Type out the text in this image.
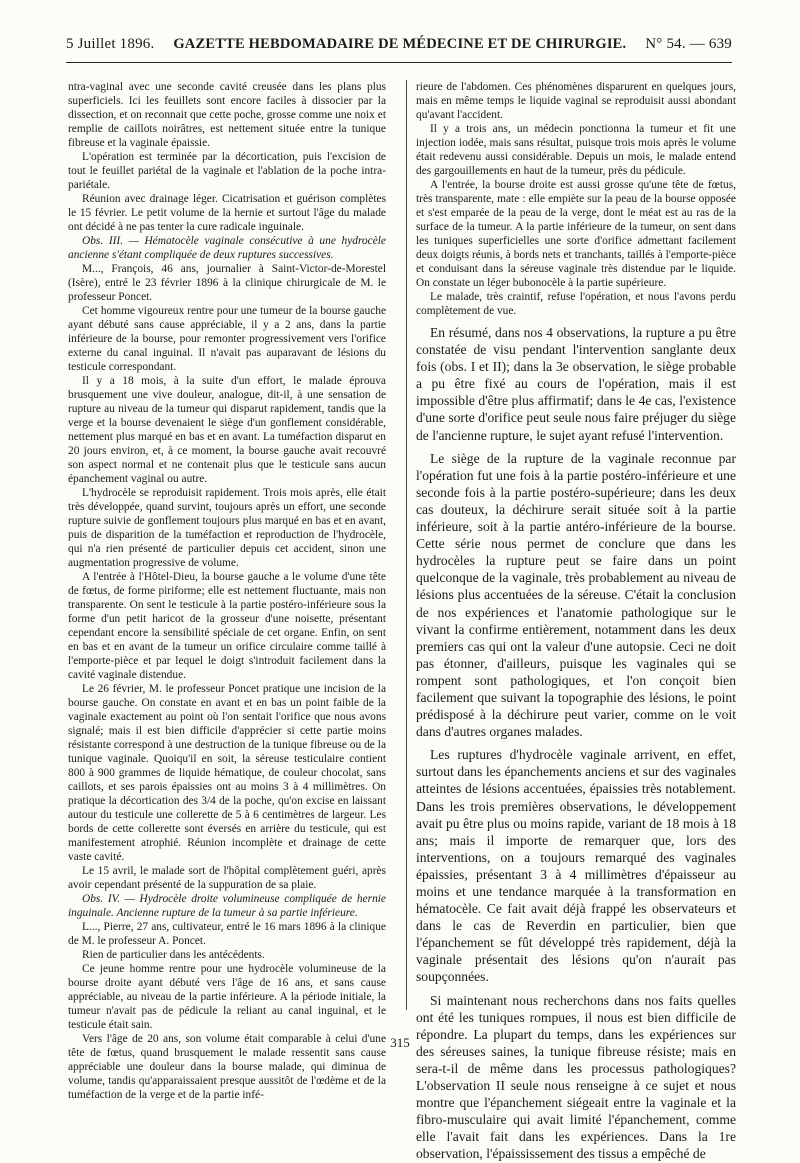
5 Juillet 1896. GAZETTE HEBDOMADAIRE DE MÉDECINE ET DE CHIRURGIE. N° 54. — 639

ntra-vaginal avec une seconde cavité creusée dans les plans plus superficiels. Ici les feuillets sont encore faciles à dissocier par la dissection, et on reconnait que cette poche, grosse comme une noix et remplie de caillots noirâtres, est nettement située entre la tunique fibreuse et la vaginale épaissie.

L'opération est terminée par la décortication, puis l'excision de tout le feuillet pariétal de la vaginale et l'ablation de la poche intra-pariétale.

Réunion avec drainage léger. Cicatrisation et guérison complètes le 15 février. Le petit volume de la hernie et surtout l'âge du malade ont décidé à ne pas tenter la cure radicale inguinale.

Obs. III. — Hématocèle vaginale consécutive à une hydrocèle ancienne s'étant compliquée de deux ruptures successives.

M..., François, 46 ans, journalier à Saint-Victor-de-Morestel (Isère), entré le 23 février 1896 à la clinique chirurgicale de M. le professeur Poncet.

Cet homme vigoureux rentre pour une tumeur de la bourse gauche ayant débuté sans cause appréciable, il y a 2 ans, dans la partie inférieure de la bourse, pour remonter progressivement vers l'orifice externe du canal inguinal. Il n'avait pas auparavant de lésions du testicule correspondant.

Il y a 18 mois, à la suite d'un effort, le malade éprouva brusquement une vive douleur, analogue, dit-il, à une sensation de rupture au niveau de la tumeur qui disparut rapidement, tandis que la verge et la bourse devenaient le siège d'un gonflement considérable, nettement plus marqué en bas et en avant. La tuméfaction disparut en 20 jours environ, et, à ce moment, la bourse gauche avait recouvré son aspect normal et ne contenait plus que le testicule sans aucun épanchement vaginal ou autre.

L'hydrocèle se reproduisit rapidement. Trois mois après, elle était très développée, quand survint, toujours après un effort, une seconde rupture suivie de gonflement toujours plus marqué en bas et en avant, puis de disparition de la tuméfaction et reproduction de l'hydrocèle, qui n'a rien présenté de particulier depuis cet accident, sinon une augmentation progressive de volume.

A l'entrée à l'Hôtel-Dieu, la bourse gauche a le volume d'une tête de fœtus, de forme piriforme; elle est nettement fluctuante, mais non transparente. On sent le testicule à la partie postéro-inférieure sous la forme d'un petit haricot de la grosseur d'une noisette, présentant cependant encore la sensibilité spéciale de cet organe. Enfin, on sent en bas et en avant de la tumeur un orifice circulaire comme taillé à l'emporte-pièce et par lequel le doigt s'introduit facilement dans la cavité vaginale distendue.

Le 26 février, M. le professeur Poncet pratique une incision de la bourse gauche. On constate en avant et en bas un point faible de la vaginale exactement au point où l'on sentait l'orifice que nous avons signalé; mais il est bien difficile d'apprécier si cette partie moins résistante correspond à une destruction de la tunique fibreuse ou de la tunique vaginale. Quoiqu'il en soit, la séreuse testiculaire contient 800 à 900 grammes de liquide hématique, de couleur chocolat, sans caillots, et ses parois épaissies ont au moins 3 à 4 millimètres. On pratique la décortication des 3/4 de la poche, qu'on excise en laissant autour du testicule une collerette de 5 à 6 centimètres de largeur. Les bords de cette collerette sont éversés en arrière du testicule, qui est manifestement atrophié. Réunion incomplète et drainage de cette vaste cavité.

Le 15 avril, le malade sort de l'hôpital complètement guéri, après avoir cependant présenté de la suppuration de sa plaie.

Obs. IV. — Hydrocèle droite volumineuse compliquée de hernie inguinale. Ancienne rupture de la tumeur à sa partie inférieure.

L..., Pierre, 27 ans, cultivateur, entré le 16 mars 1896 à la clinique de M. le professeur A. Poncet.

Rien de particulier dans les antécédents.

Ce jeune homme rentre pour une hydrocèle volumineuse de la bourse droite ayant débuté vers l'âge de 16 ans, et sans cause appréciable, au niveau de la partie inférieure. A la période initiale, la tumeur n'avait pas de pédicule la reliant au canal inguinal, et le testicule était sain.

Vers l'âge de 20 ans, son volume était comparable à celui d'une tête de fœtus, quand brusquement le malade ressentit sans cause appréciable une douleur dans la bourse malade, qui diminua de volume, tandis qu'apparaissaient presque aussitôt de l'œdème et de la tuméfaction de la verge et de la partie infé-

rieure de l'abdomen. Ces phénomènes disparurent en quelques jours, mais en même temps le liquide vaginal se reproduisit aussi abondant qu'avant l'accident.

Il y a trois ans, un médecin ponctionna la tumeur et fit une injection iodée, mais sans résultat, puisque trois mois après le volume était redevenu aussi considérable. Depuis un mois, le malade entend des gargouillements en haut de la tumeur, près du pédicule.

A l'entrée, la bourse droite est aussi grosse qu'une tête de fœtus, très transparente, mate : elle empiète sur la peau de la bourse opposée et s'est emparée de la peau de la verge, dont le méat est au ras de la surface de la tumeur. A la partie inférieure de la tumeur, on sent dans les tuniques superficielles une sorte d'orifice admettant facilement deux doigts réunis, à bords nets et tranchants, taillés à l'emporte-pièce et conduisant dans la séreuse vaginale très distendue par le liquide. On constate un léger bubonocèle à la partie supérieure.

Le malade, très craintif, refuse l'opération, et nous l'avons perdu complètement de vue.

En résumé, dans nos 4 observations, la rupture a pu être constatée de visu pendant l'intervention sanglante deux fois (obs. I et II); dans la 3e observation, le siège probable a pu être fixé au cours de l'opération, mais il est impossible d'être plus affirmatif; dans le 4e cas, l'existence d'une sorte d'orifice peut seule nous faire préjuger du siège de l'ancienne rupture, le sujet ayant refusé l'intervention.

Le siège de la rupture de la vaginale reconnue par l'opération fut une fois à la partie postéro-inférieure et une seconde fois à la partie postéro-supérieure; dans les deux cas douteux, la déchirure serait située soit à la partie inférieure, soit à la partie antéro-inférieure de la bourse. Cette série nous permet de conclure que dans les hydrocèles la rupture peut se faire dans un point quelconque de la vaginale, très probablement au niveau de lésions plus accentuées de la séreuse. C'était la conclusion de nos expériences et l'anatomie pathologique sur le vivant la confirme entièrement, notamment dans les deux premiers cas qui ont la valeur d'une autopsie. Ceci ne doit pas étonner, d'ailleurs, puisque les vaginales qui se rompent sont pathologiques, et l'on conçoit bien facilement que suivant la topographie des lésions, le point prédisposé à la déchirure peut varier, comme on le voit dans d'autres organes malades.

Les ruptures d'hydrocèle vaginale arrivent, en effet, surtout dans les épanchements anciens et sur des vaginales atteintes de lésions accentuées, épaissies très notablement. Dans les trois premières observations, le développement avait pu être plus ou moins rapide, variant de 18 mois à 18 ans; mais il importe de remarquer que, lors des interventions, on a toujours remarqué des vaginales épaissies, présentant 3 à 4 millimètres d'épaisseur au moins et une tendance marquée à la transformation en hématocèle. Ce fait avait déjà frappé les observateurs et dans le cas de Reverdin en particulier, bien que l'épanchement se fût développé très rapidement, déjà la vaginale présentait des lésions qu'on n'aurait pas soupçonnées.

Si maintenant nous recherchons dans nos faits quelles ont été les tuniques rompues, il nous est bien difficile de répondre. La plupart du temps, dans les expériences sur des séreuses saines, la tunique fibreuse résiste; mais en sera-t-il de même dans les processus pathologiques? L'observation II seule nous renseigne à ce sujet et nous montre que l'épanchement siégeait entre la vaginale et la fibro-musculaire qui avait limité l'épanchement, comme elle l'avait fait dans les expériences. Dans la 1re observation, l'épaississement des tissus a empêché de

315
